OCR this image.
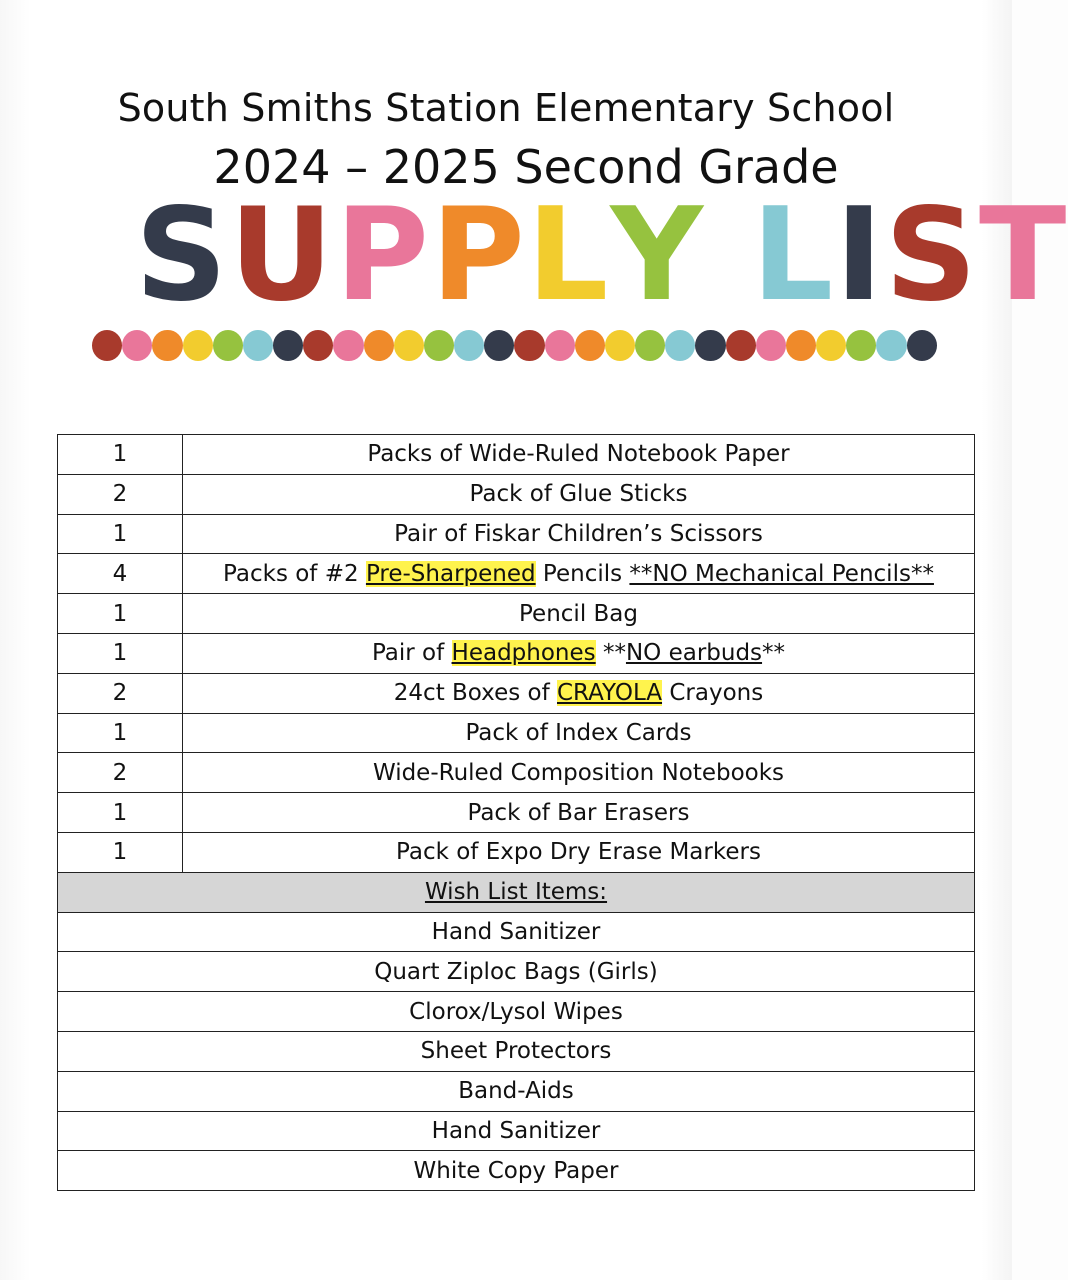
South Smiths Station Elementary School
2024 – 2025 Second Grade
SUPPLY LIST
1	Packs of Wide-Ruled Notebook Paper
2	Pack of Glue Sticks
1	Pair of Fiskar Children’s Scissors
4	Packs of #2 Pre-Sharpened Pencils **NO Mechanical Pencils**
1	Pencil Bag
1	Pair of Headphones **NO earbuds**
2	24ct Boxes of CRAYOLA Crayons
1	Pack of Index Cards
2	Wide-Ruled Composition Notebooks
1	Pack of Bar Erasers
1	Pack of Expo Dry Erase Markers
Wish List Items:	
Hand Sanitizer	
Quart Ziploc Bags (Girls)	
Clorox/Lysol Wipes	
Sheet Protectors	
Band-Aids	
Hand Sanitizer	
White Copy Paper	
